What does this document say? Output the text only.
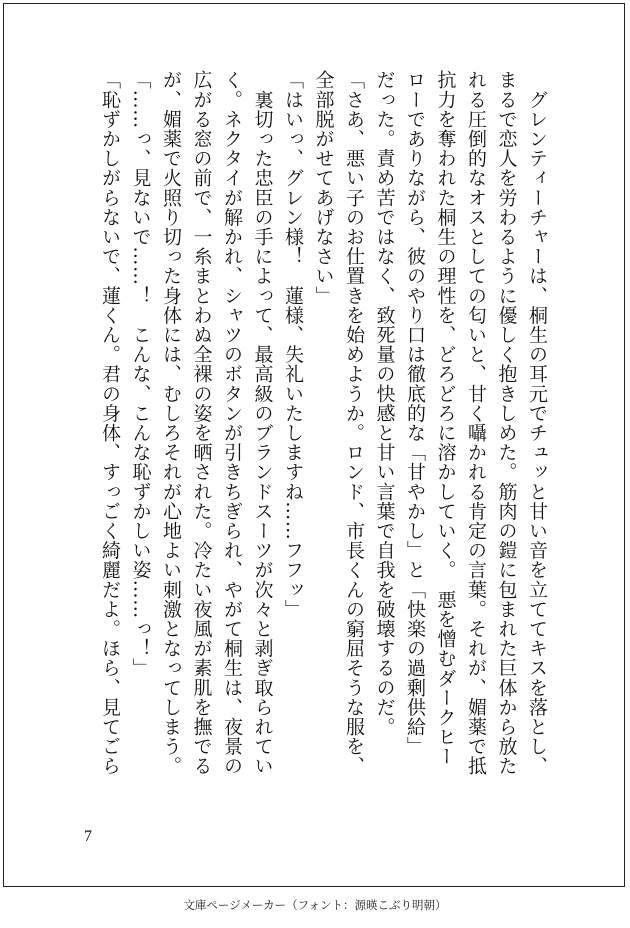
　グレンティーチャーは、桐生の耳元でチュッと甘い音を立ててキスを落とし、
まるで恋人を労わるように優しく抱きしめた。筋肉の鎧に包まれた巨体から放た
れる圧倒的なオスとしての匂いと、甘く囁かれる肯定の言葉。それが、媚薬で抵
抗力を奪われた桐生の理性を、どろどろに溶かしていく。　悪を憎むダークヒー
ローでありながら、彼のやり口は徹底的な「甘やかし」と「快楽の過剰供給」
だった。責め苦ではなく、致死量の快感と甘い言葉で自我を破壊するのだ。
「さあ、悪い子のお仕置きを始めようか。ロンド、市長くんの窮屈そうな服を、
全部脱がせてあげなさい」
「はいっ、グレン様！　蓮様、失礼いたしますね……フフッ」
　裏切った忠臣の手によって、最高級のブランドスーツが次々と剥ぎ取られてい
く。ネクタイが解かれ、シャツのボタンが引きちぎられ、やがて桐生は、夜景の
広がる窓の前で、一糸まとわぬ全裸の姿を晒された。冷たい夜風が素肌を撫でる
が、媚薬で火照り切った身体には、むしろそれが心地よい刺激となってしまう。
「……っ、見ないで……！　こんな、こんな恥ずかしい姿……っ！」
「恥ずかしがらないで、蓮くん。君の身体、すっごく綺麗だよ。ほら、見てごら
7
文庫ページメーカー（フォント：源暎こぶり明朝）
